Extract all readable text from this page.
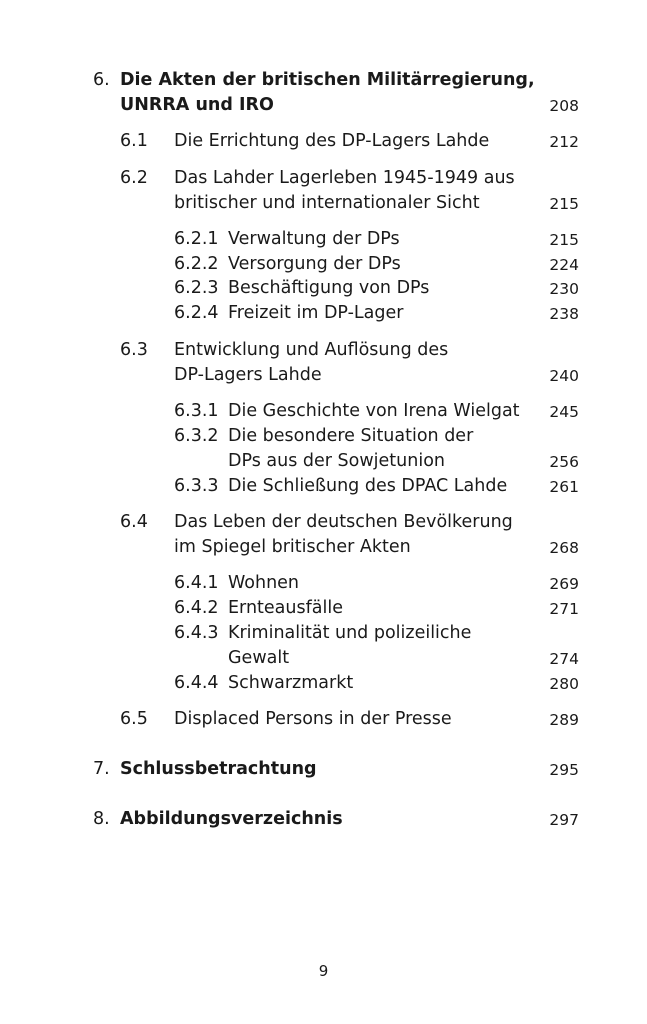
6. Die Akten der britischen Militärregierung,
UNRRA und IRO	208
6.1 Die Errichtung des DP-Lagers Lahde	212
6.2 Das Lahder Lagerleben 1945-1949 aus
britischer und internationaler Sicht	215
6.2.1 Verwaltung der DPs	215
6.2.2 Versorgung der DPs	224
6.2.3 Beschäftigung von DPs	230
6.2.4 Freizeit im DP-Lager	238
6.3 Entwicklung und Auflösung des
DP-Lagers Lahde	240
6.3.1 Die Geschichte von Irena Wielgat 245
6.3.2 Die besondere Situation der
DPs aus der Sowjetunion	256
6.3.3 Die Schließung des DPAC Lahde	261
6.4 Das Leben der deutschen Bevölkerung
im Spiegel britischer Akten	268
6.4.1 Wohnen	269
6.4.2 Ernteausfälle	271
6.4.3 Kriminalität und polizeiliche
Gewalt	274
6.4.4 Schwarzmarkt	280
6.5 Displaced Persons in der Presse	289
7. Schlussbetrachtung	295
8. Abbildungsverzeichnis	297
9
